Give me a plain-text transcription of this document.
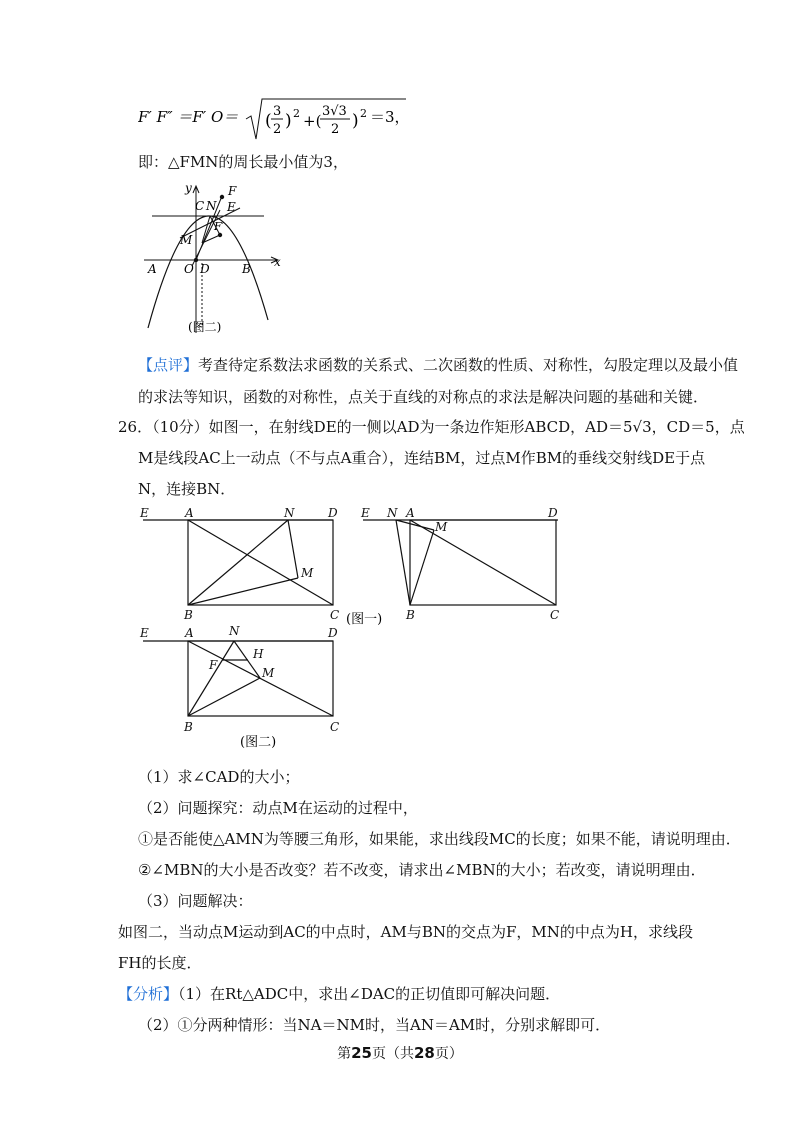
F′ F″ ＝F′ O＝ ( 3
2 ) 2 +(
3√3
2 ) 2 ＝3，
即：△FMN的周长最小值为3，
y	F
C N E
F′
M
A O D	B x
(图二)
【点评】考查待定系数法求函数的关系式、二次函数的性质、对称性，勾股定理以及最小值
的求法等知识，函数的对称性，点关于直线的对称点的求法是解决问题的基础和关键．
26．（10分）如图一，在射线DE的一侧以AD为一条边作矩形ABCD，AD＝5√3，CD＝5，点
M是线段AC上一动点（不与点A重合），连结BM，过点M作BM的垂线交射线DE于点
N，连接BN．
E	A	N	D
M
B	C
E N A	D
M
B	C
(图一)
E	A	N	D
F
H
M
B	C
(图二)
（1）求∠CAD的大小；
（2）问题探究：动点M在运动的过程中，
①是否能使△AMN为等腰三角形，如果能，求出线段MC的长度；如果不能，请说明理由．
②∠MBN的大小是否改变？若不改变，请求出∠MBN的大小；若改变，请说明理由．
（3）问题解决：
如图二，当动点M运动到AC的中点时，AM与BN的交点为F，MN的中点为H，求线段
FH的长度．
【分析】（1）在Rt△ADC中，求出∠DAC的正切值即可解决问题．
（2）①分两种情形：当NA＝NM时，当AN＝AM时，分别求解即可．
第25页（共28页）
